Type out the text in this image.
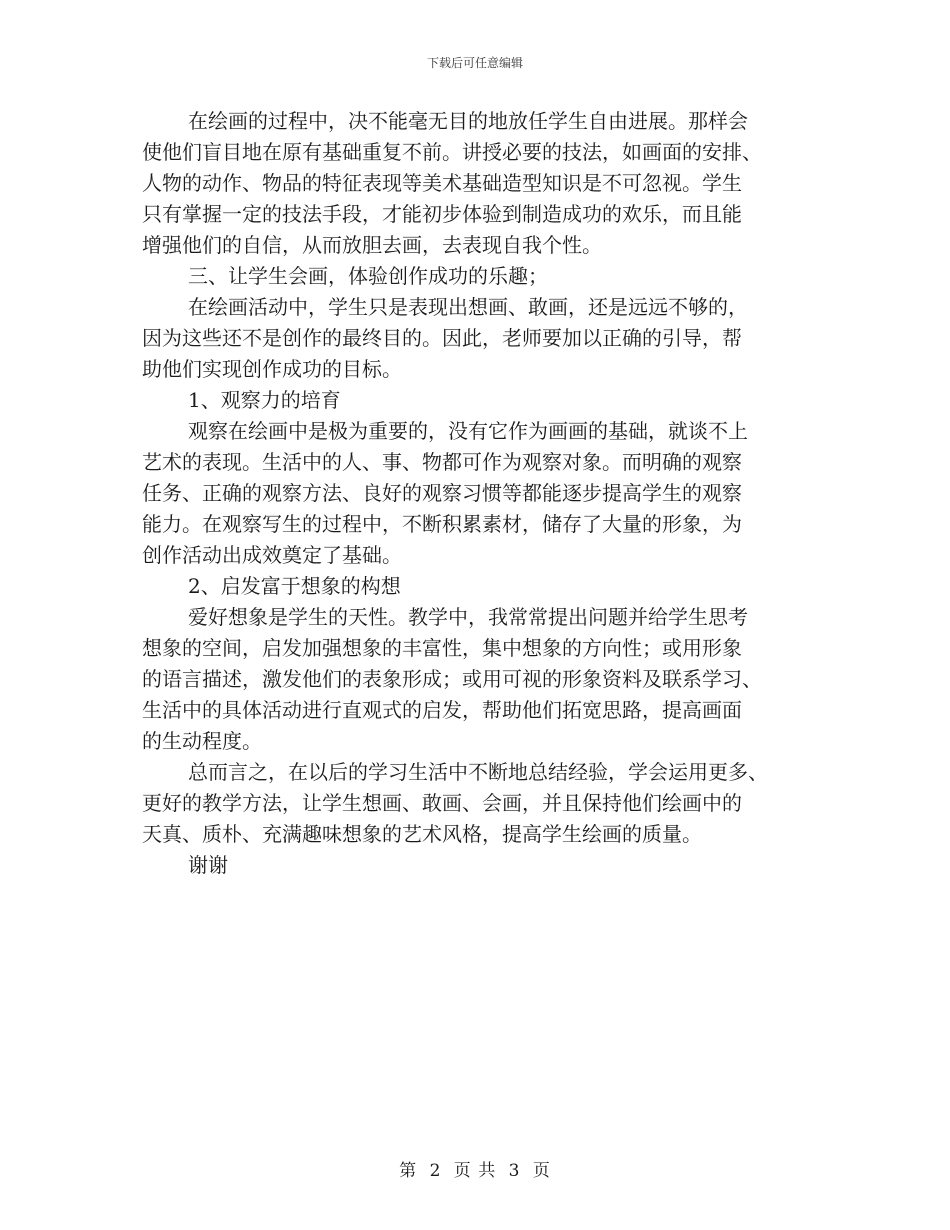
下载后可任意编辑
在绘画的过程中，决不能毫无目的地放任学生自由进展。那样会
使他们盲目地在原有基础重复不前。讲授必要的技法，如画面的安排、
人物的动作、物品的特征表现等美术基础造型知识是不可忽视。学生
只有掌握一定的技法手段，才能初步体验到制造成功的欢乐，而且能
增强他们的自信，从而放胆去画，去表现自我个性。
三、让学生会画，体验创作成功的乐趣；
在绘画活动中，学生只是表现出想画、敢画，还是远远不够的，
因为这些还不是创作的最终目的。因此，老师要加以正确的引导，帮
助他们实现创作成功的目标。
1、观察力的培育
观察在绘画中是极为重要的，没有它作为画画的基础，就谈不上
艺术的表现。生活中的人、事、物都可作为观察对象。而明确的观察
任务、正确的观察方法、良好的观察习惯等都能逐步提高学生的观察
能力。在观察写生的过程中，不断积累素材，储存了大量的形象，为
创作活动出成效奠定了基础。
2、启发富于想象的构想
爱好想象是学生的天性。教学中，我常常提出问题并给学生思考
想象的空间，启发加强想象的丰富性，集中想象的方向性；或用形象
的语言描述，激发他们的表象形成；或用可视的形象资料及联系学习、
生活中的具体活动进行直观式的启发，帮助他们拓宽思路，提高画面
的生动程度。
总而言之，在以后的学习生活中不断地总结经验，学会运用更多、
更好的教学方法，让学生想画、敢画、会画，并且保持他们绘画中的
天真、质朴、充满趣味想象的艺术风格，提高学生绘画的质量。
谢谢
第 2 页 共 3 页
